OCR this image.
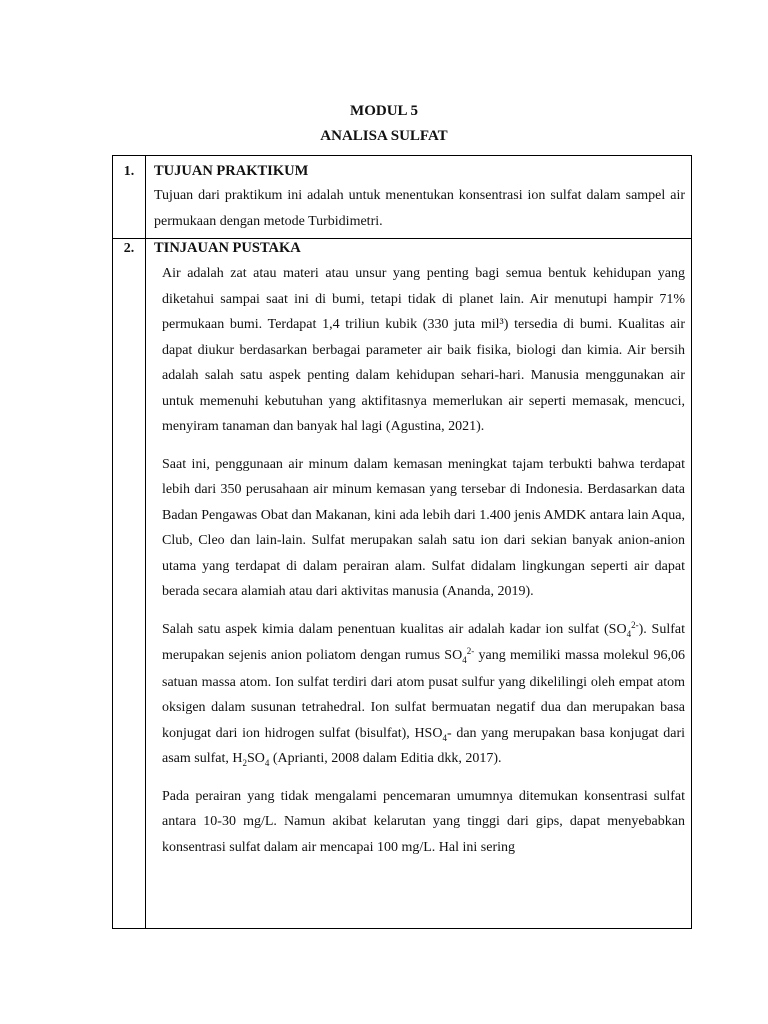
MODUL 5
ANALISA SULFAT
1.	TUJUAN PRAKTIKUM

Tujuan dari praktikum ini adalah untuk menentukan konsentrasi ion sulfat dalam sampel air permukaan dengan metode Turbidimetri.

2.	TINJAUAN PUSTAKA

Air adalah zat atau materi atau unsur yang penting bagi semua bentuk kehidupan yang diketahui sampai saat ini di bumi, tetapi tidak di planet lain. Air menutupi hampir 71% permukaan bumi. Terdapat 1,4 triliun kubik (330 juta mil³) tersedia di bumi. Kualitas air dapat diukur berdasarkan berbagai parameter air baik fisika, biologi dan kimia. Air bersih adalah salah satu aspek penting dalam kehidupan sehari-hari. Manusia menggunakan air untuk memenuhi kebutuhan yang aktifitasnya memerlukan air seperti memasak, mencuci, menyiram tanaman dan banyak hal lagi (Agustina, 2021).

Saat ini, penggunaan air minum dalam kemasan meningkat tajam terbukti bahwa terdapat lebih dari 350 perusahaan air minum kemasan yang tersebar di Indonesia. Berdasarkan data Badan Pengawas Obat dan Makanan, kini ada lebih dari 1.400 jenis AMDK antara lain Aqua, Club, Cleo dan lain-lain. Sulfat merupakan salah satu ion dari sekian banyak anion-anion utama yang terdapat di dalam perairan alam. Sulfat didalam lingkungan seperti air dapat berada secara alamiah atau dari aktivitas manusia (Ananda, 2019).

Salah satu aspek kimia dalam penentuan kualitas air adalah kadar ion sulfat $(SO_4^{2-})$. Sulfat merupakan sejenis anion poliatom dengan rumus $SO_4^{2-}$ yang memiliki massa molekul 96,06 satuan massa atom. Ion sulfat terdiri dari atom pusat sulfur yang dikelilingi oleh empat atom oksigen dalam susunan tetrahedral. Ion sulfat bermuatan negatif dua dan merupakan basa konjugat dari ion hidrogen sulfat (bisulfat), $HSO_4-$ dan yang merupakan basa konjugat dari asam sulfat, $H_2SO_4$ (Aprianti, 2008 dalam Editia dkk, 2017).

Pada perairan yang tidak mengalami pencemaran umumnya ditemukan konsentrasi sulfat antara 10-30 mg/L. Namun akibat kelarutan yang tinggi dari gips, dapat menyebabkan konsentrasi sulfat dalam air mencapai 100 mg/L. Hal ini sering
